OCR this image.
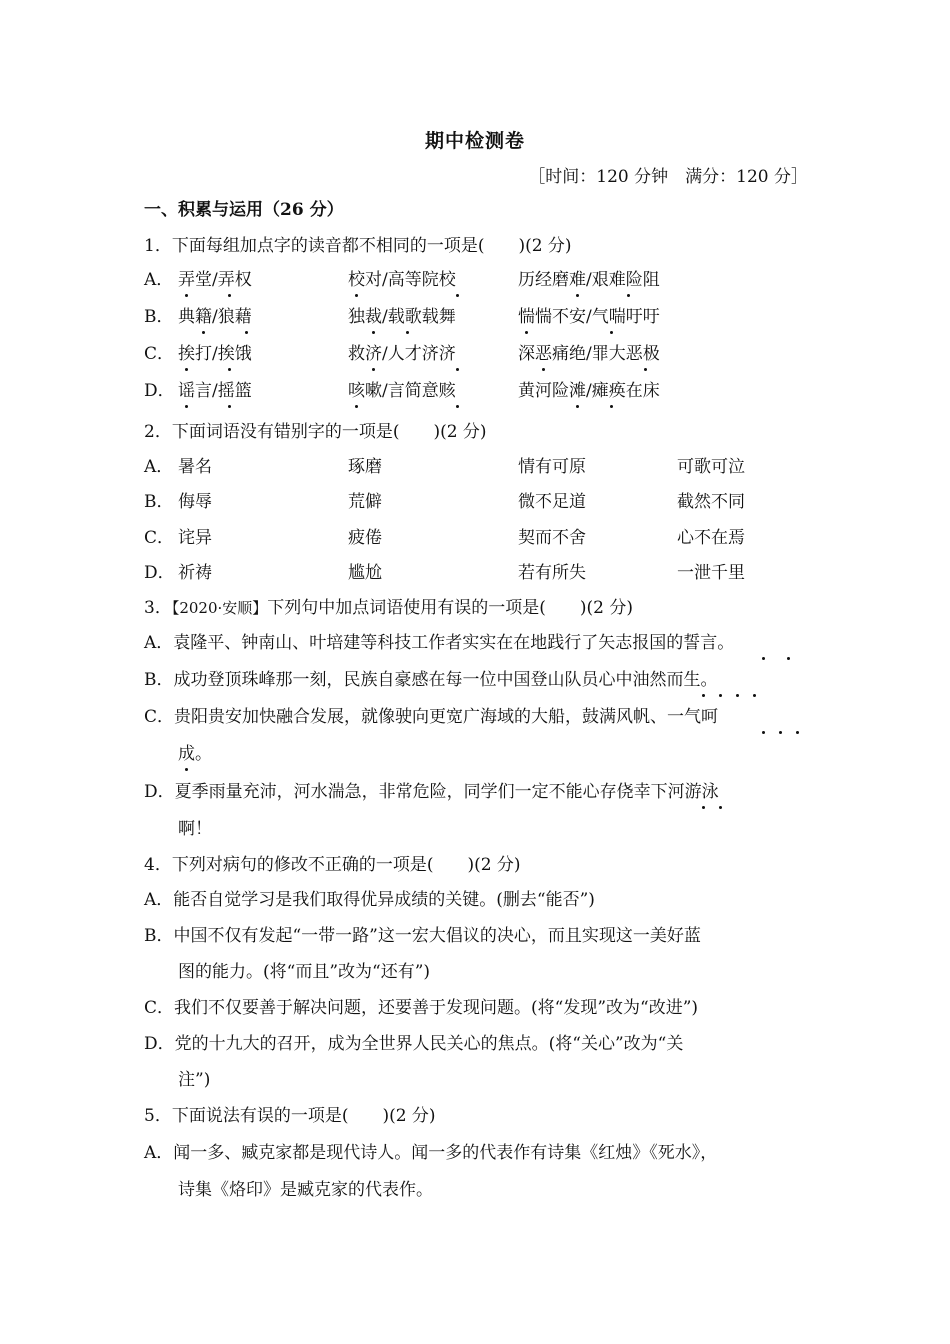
期中检测卷
［时间：120 分钟　满分：120 分］
一、积累与运用（26 分）
1．下面每组加点字的读音都不相同的一项是(　　)(2 分)
A． 弄堂/弄权	校对/高等院校	历经磨难/艰难险阻
B． 典籍/狼藉	独裁/载歌载舞	惴惴不安/气喘吁吁
C． 挨打/挨饿	救济/人才济济	深恶痛绝/罪大恶极
D． 谣言/摇篮	咳嗽/言简意赅	黄河险滩/瘫痪在床
2．下面词语没有错别字的一项是(　　)(2 分)
A． 暑名	琢磨	情有可原	可歌可泣
B． 侮辱	荒僻	微不足道	截然不同
C． 诧异	疲倦	契而不舍	心不在焉
D． 祈祷	尴尬	若有所失	一泄千里
3．【2020·安顺】下列句中加点词语使用有误的一项是(　　)(2 分)
A．袁隆平、钟南山、叶培建等科技工作者实实在在地践行了矢志报国的誓言。
B．成功登顶珠峰那一刻，民族自豪感在每一位中国登山队员心中油然而生。
C．贵阳贵安加快融合发展，就像驶向更宽广海域的大船，鼓满风帆、一气呵
成。
D．夏季雨量充沛，河水湍急，非常危险，同学们一定不能心存侥幸下河游泳
啊！
4．下列对病句的修改不正确的一项是(　　)(2 分)
A．能否自觉学习是我们取得优异成绩的关键。(删去“能否”)
B．中国不仅有发起“一带一路”这一宏大倡议的决心，而且实现这一美好蓝
图的能力。(将“而且”改为“还有”)
C．我们不仅要善于解决问题，还要善于发现问题。(将“发现”改为“改进”)
D．党的十九大的召开，成为全世界人民关心的焦点。(将“关心”改为“关
注”)
5．下面说法有误的一项是(　　)(2 分)
A．闻一多、臧克家都是现代诗人。闻一多的代表作有诗集《红烛》《死水》，
诗集《烙印》是臧克家的代表作。
